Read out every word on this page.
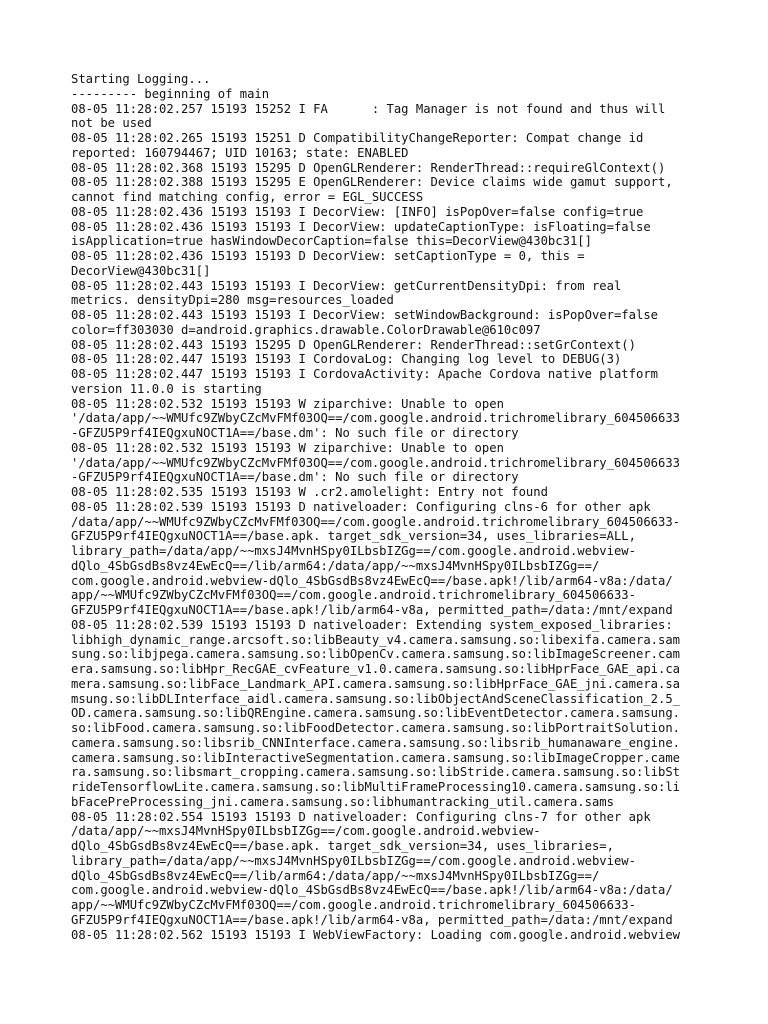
Starting Logging...
--------- beginning of main
08-05 11:28:02.257 15193 15252 I FA      : Tag Manager is not found and thus will
not be used
08-05 11:28:02.265 15193 15251 D CompatibilityChangeReporter: Compat change id
reported: 160794467; UID 10163; state: ENABLED
08-05 11:28:02.368 15193 15295 D OpenGLRenderer: RenderThread::requireGlContext()
08-05 11:28:02.388 15193 15295 E OpenGLRenderer: Device claims wide gamut support,
cannot find matching config, error = EGL_SUCCESS
08-05 11:28:02.436 15193 15193 I DecorView: [INFO] isPopOver=false config=true
08-05 11:28:02.436 15193 15193 I DecorView: updateCaptionType: isFloating=false
isApplication=true hasWindowDecorCaption=false this=DecorView@430bc31[]
08-05 11:28:02.436 15193 15193 D DecorView: setCaptionType = 0, this =
DecorView@430bc31[]
08-05 11:28:02.443 15193 15193 I DecorView: getCurrentDensityDpi: from real
metrics. densityDpi=280 msg=resources_loaded
08-05 11:28:02.443 15193 15193 I DecorView: setWindowBackground: isPopOver=false
color=ff303030 d=android.graphics.drawable.ColorDrawable@610c097
08-05 11:28:02.443 15193 15295 D OpenGLRenderer: RenderThread::setGrContext()
08-05 11:28:02.447 15193 15193 I CordovaLog: Changing log level to DEBUG(3)
08-05 11:28:02.447 15193 15193 I CordovaActivity: Apache Cordova native platform
version 11.0.0 is starting
08-05 11:28:02.532 15193 15193 W ziparchive: Unable to open
'/data/app/~~WMUfc9ZWbyCZcMvFMf03OQ==/com.google.android.trichromelibrary_604506633
-GFZU5P9rf4IEQgxuNOCT1A==/base.dm': No such file or directory
08-05 11:28:02.532 15193 15193 W ziparchive: Unable to open
'/data/app/~~WMUfc9ZWbyCZcMvFMf03OQ==/com.google.android.trichromelibrary_604506633
-GFZU5P9rf4IEQgxuNOCT1A==/base.dm': No such file or directory
08-05 11:28:02.535 15193 15193 W .cr2.amolelight: Entry not found
08-05 11:28:02.539 15193 15193 D nativeloader: Configuring clns-6 for other apk
/data/app/~~WMUfc9ZWbyCZcMvFMf03OQ==/com.google.android.trichromelibrary_604506633-
GFZU5P9rf4IEQgxuNOCT1A==/base.apk. target_sdk_version=34, uses_libraries=ALL,
library_path=/data/app/~~mxsJ4MvnHSpy0ILbsbIZGg==/com.google.android.webview-
dQlo_4SbGsdBs8vz4EwEcQ==/lib/arm64:/data/app/~~mxsJ4MvnHSpy0ILbsbIZGg==/
com.google.android.webview-dQlo_4SbGsdBs8vz4EwEcQ==/base.apk!/lib/arm64-v8a:/data/
app/~~WMUfc9ZWbyCZcMvFMf03OQ==/com.google.android.trichromelibrary_604506633-
GFZU5P9rf4IEQgxuNOCT1A==/base.apk!/lib/arm64-v8a, permitted_path=/data:/mnt/expand
08-05 11:28:02.539 15193 15193 D nativeloader: Extending system_exposed_libraries:
libhigh_dynamic_range.arcsoft.so:libBeauty_v4.camera.samsung.so:libexifa.camera.sam
sung.so:libjpega.camera.samsung.so:libOpenCv.camera.samsung.so:libImageScreener.cam
era.samsung.so:libHpr_RecGAE_cvFeature_v1.0.camera.samsung.so:libHprFace_GAE_api.ca
mera.samsung.so:libFace_Landmark_API.camera.samsung.so:libHprFace_GAE_jni.camera.sa
msung.so:libDLInterface_aidl.camera.samsung.so:libObjectAndSceneClassification_2.5_
OD.camera.samsung.so:libQREngine.camera.samsung.so:libEventDetector.camera.samsung.
so:libFood.camera.samsung.so:libFoodDetector.camera.samsung.so:libPortraitSolution.
camera.samsung.so:libsrib_CNNInterface.camera.samsung.so:libsrib_humanaware_engine.
camera.samsung.so:libInteractiveSegmentation.camera.samsung.so:libImageCropper.came
ra.samsung.so:libsmart_cropping.camera.samsung.so:libStride.camera.samsung.so:libSt
rideTensorflowLite.camera.samsung.so:libMultiFrameProcessing10.camera.samsung.so:li
bFacePreProcessing_jni.camera.samsung.so:libhumantracking_util.camera.sams
08-05 11:28:02.554 15193 15193 D nativeloader: Configuring clns-7 for other apk
/data/app/~~mxsJ4MvnHSpy0ILbsbIZGg==/com.google.android.webview-
dQlo_4SbGsdBs8vz4EwEcQ==/base.apk. target_sdk_version=34, uses_libraries=,
library_path=/data/app/~~mxsJ4MvnHSpy0ILbsbIZGg==/com.google.android.webview-
dQlo_4SbGsdBs8vz4EwEcQ==/lib/arm64:/data/app/~~mxsJ4MvnHSpy0ILbsbIZGg==/
com.google.android.webview-dQlo_4SbGsdBs8vz4EwEcQ==/base.apk!/lib/arm64-v8a:/data/
app/~~WMUfc9ZWbyCZcMvFMf03OQ==/com.google.android.trichromelibrary_604506633-
GFZU5P9rf4IEQgxuNOCT1A==/base.apk!/lib/arm64-v8a, permitted_path=/data:/mnt/expand
08-05 11:28:02.562 15193 15193 I WebViewFactory: Loading com.google.android.webview
